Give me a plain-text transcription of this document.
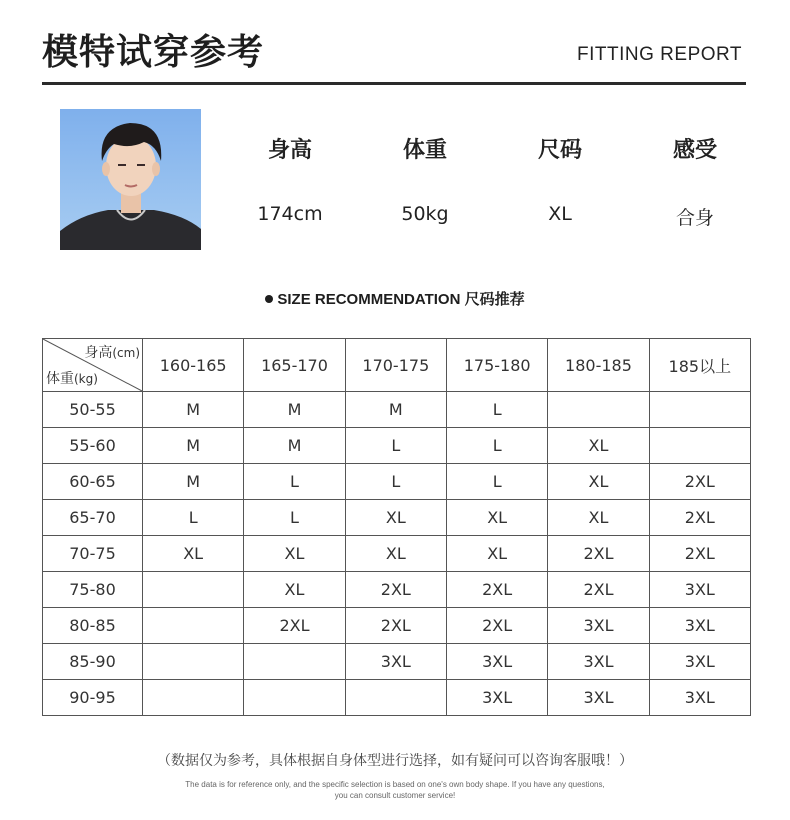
模特试穿参考	FITTING REPORT
身高	体重	尺码	感受
174cm	50kg	XL	合身
SIZE RECOMMENDATION 尺码推荐
身高(cm)
体重(kg)	160-165	165-170	170-175	175-180	180-185	185以上
50-55	M	M	M	L		
55-60	M	M	L	L	XL	
60-65	M	L	L	L	XL	2XL
65-70	L	L	XL	XL	XL	2XL
70-75	XL	XL	XL	XL	2XL	2XL
75-80		XL	2XL	2XL	2XL	3XL
80-85		2XL	2XL	2XL	3XL	3XL
85-90			3XL	3XL	3XL	3XL
90-95				3XL	3XL	3XL
（数据仅为参考，具体根据自身体型进行选择，如有疑问可以咨询客服哦！）
The data is for reference only, and the specific selection is based on one's own body shape. If you have any questions,
you can consult customer service!
